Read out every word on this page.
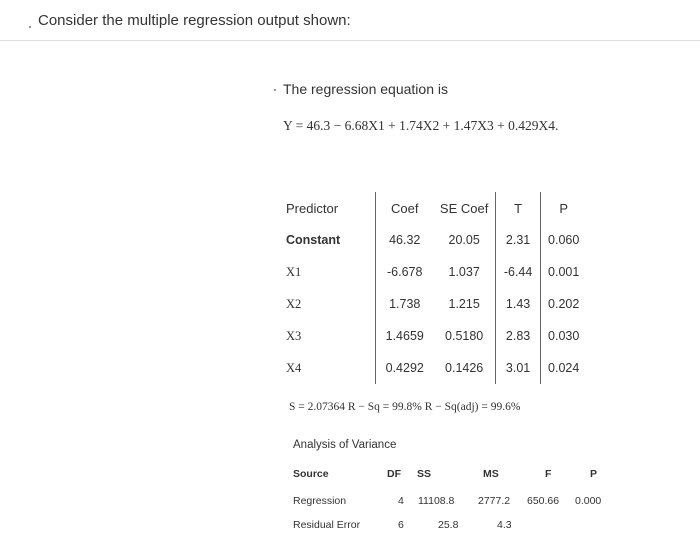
Consider the multiple regression output shown:
The regression equation is
Y = 46.3 − 6.68X1 + 1.74X2 + 1.47X3 + 0.429X4.
Predictor	Coef	SE Coef	T	P
Constant	46.32	20.05	2.31	0.060
X1	-6.678	1.037	-6.44	0.001
X2	1.738	1.215	1.43	0.202
X3	1.4659	0.5180	2.83	0.030
X4	0.4292	0.1426	3.01	0.024
S = 2.07364 R − Sq = 99.8% R − Sq(adj) = 99.6%
Analysis of Variance
Source	DF SS	MS	F	P
Regression	4 11108.8 2777.2 650.66 0.000
Residual Error	6	25.8	4.3
